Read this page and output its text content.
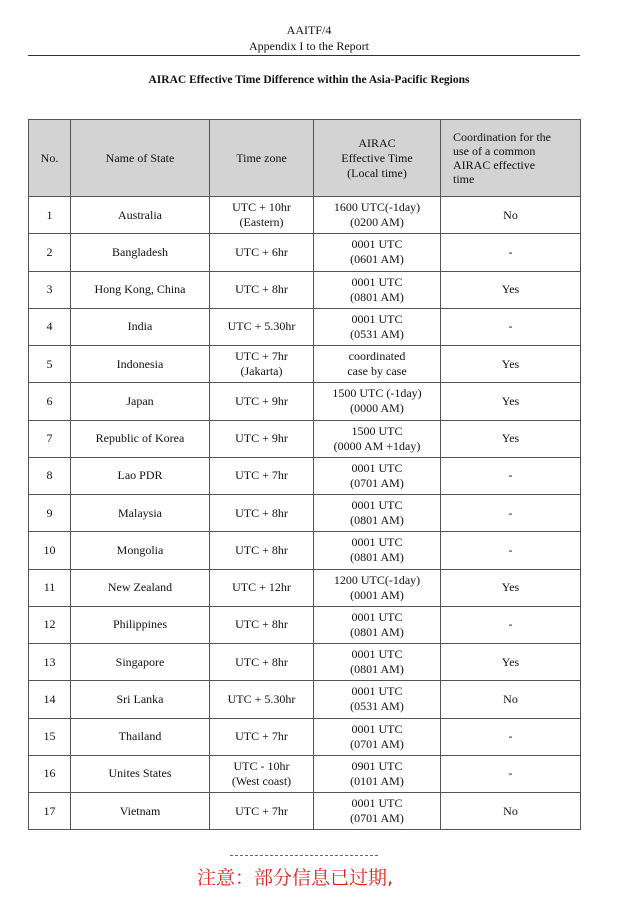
AAITF/4
Appendix I to the Report
AIRAC Effective Time Difference within the Asia-Pacific Regions
No.	Name of State	Time zone	AIRAC
Effective Time
(Local time)	Coordination for the
use of a common
AIRAC effective
time

1	Australia	UTC + 10hr
(Eastern)	1600 UTC(-1day)
(0200 AM)	No
2	Bangladesh	UTC + 6hr	0001 UTC
(0601 AM)	-
3	Hong Kong, China	UTC + 8hr	0001 UTC
(0801 AM)	Yes
4	India	UTC + 5.30hr	0001 UTC
(0531 AM)	-
5	Indonesia	UTC + 7hr
(Jakarta)	coordinated
case by case	Yes
6	Japan	UTC + 9hr	1500 UTC (-1day)
(0000 AM)	Yes
7	Republic of Korea	UTC + 9hr	1500 UTC
(0000 AM +1day)	Yes
8	Lao PDR	UTC + 7hr	0001 UTC
(0701 AM)	-
9	Malaysia	UTC + 8hr	0001 UTC
(0801 AM)	-
10	Mongolia	UTC + 8hr	0001 UTC
(0801 AM)	-
11	New Zealand	UTC + 12hr	1200 UTC(-1day)
(0001 AM)	Yes
12	Philippines	UTC + 8hr	0001 UTC
(0801 AM)	-
13	Singapore	UTC + 8hr	0001 UTC
(0801 AM)	Yes
14	Sri Lanka	UTC + 5.30hr	0001 UTC
(0531 AM)	No
15	Thailand	UTC + 7hr	0001 UTC
(0701 AM)	-
16	Unites States	UTC - 10hr
(West coast)	0901 UTC
(0101 AM)	-
17	Vietnam	UTC + 7hr	0001 UTC
(0701 AM)	No
注意：部分信息已过期,
